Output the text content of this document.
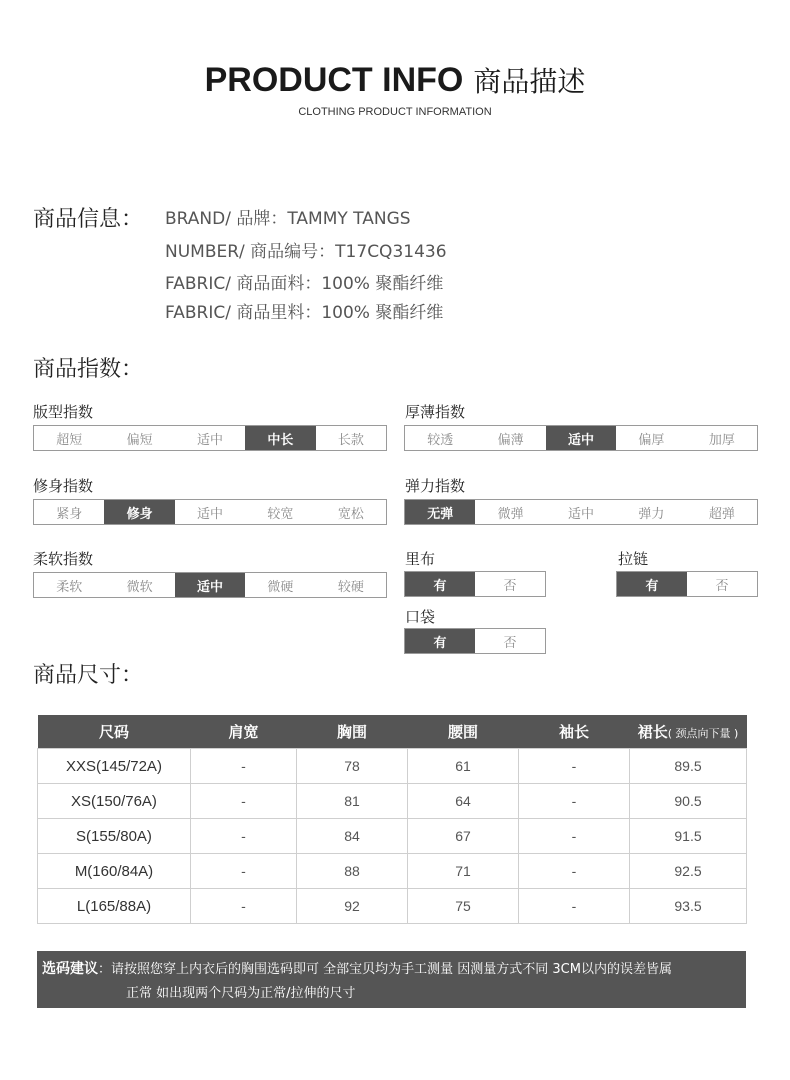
PRODUCT INFO 商品描述
CLOTHING PRODUCT INFORMATION
商品信息： BRAND/ 品牌：TAMMY TANGS
NUMBER/ 商品编号：T17CQ31436
FABRIC/ 商品面料：100% 聚酯纤维
FABRIC/ 商品里料：100% 聚酯纤维
商品指数：
版型指数
超短	偏短	适中	中长	长款
厚薄指数
较透	偏薄	适中	偏厚	加厚
修身指数
紧身	修身	适中	较宽	宽松
弹力指数
无弹	微弹	适中	弹力	超弹
柔软指数
柔软	微软	适中	微硬	较硬
里布
有	否
拉链
有	否
口袋
有	否
商品尺寸：
尺码	肩宽	胸围	腰围	袖长	裙长( 颈点向下量 )
XXS(145/72A)	-	78	61	-	89.5
XS(150/76A)	-	81	64	-	90.5
S(155/80A)	-	84	67	-	91.5
M(160/84A)	-	88	71	-	92.5
L(165/88A)	-	92	75	-	93.5
选码建议：请按照您穿上内衣后的胸围选码即可 全部宝贝均为手工测量 因测量方式不同 3CM以内的误差皆属
正常 如出现两个尺码为正常/拉伸的尺寸
